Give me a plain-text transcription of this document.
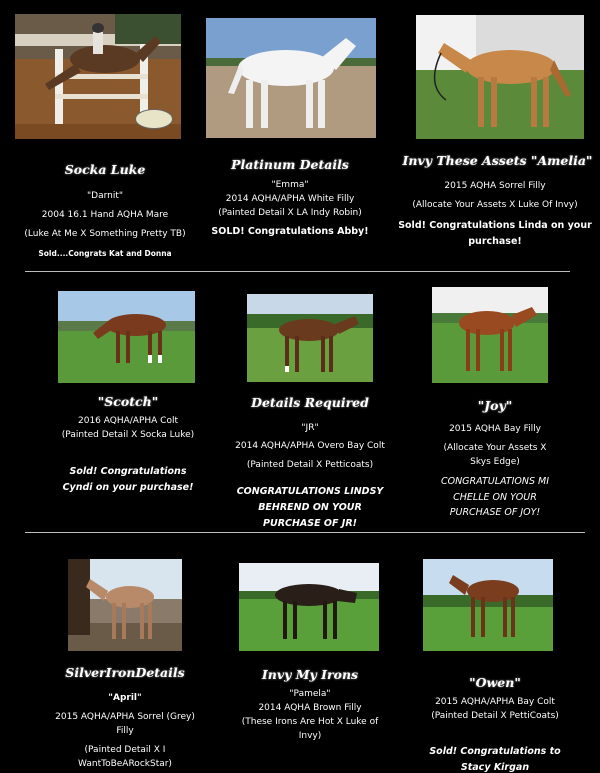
Socka Luke
"Darnit"
2004 16.1 Hand AQHA Mare
(Luke At Me X Something Pretty TB)
Sold....Congrats Kat and Donna
Platinum Details
"Emma"
2014 AQHA/APHA White Filly
(Painted Detail X LA Indy Robin)
SOLD! Congratulations Abby!
Invy These Assets "Amelia"
2015 AQHA Sorrel Filly
(Allocate Your Assets X Luke Of Invy)
Sold! Congratulations Linda on your
purchase!
"Scotch"
2016 AQHA/APHA Colt
(Painted Detail X Socka Luke)
Sold! Congratulations
Cyndi on your purchase!
Details Required
"JR"
2014 AQHA/APHA Overo Bay Colt
(Painted Detail X Petticoats)
CONGRATULATIONS LINDSY
BEHREND ON YOUR
PURCHASE OF JR!
"Joy"
2015 AQHA Bay Filly
(Allocate Your Assets X
Skys Edge)
CONGRATULATIONS MI
CHELLE ON YOUR
PURCHASE OF JOY!
SilverIronDetails
"April"
2015 AQHA/APHA Sorrel (Grey)
Filly
(Painted Detail X I
WantToBeARockStar)
Invy My Irons
"Pamela"
2014 AQHA Brown Filly
(These Irons Are Hot X Luke of
Invy)
"Owen"
2015 AQHA/APHA Bay Colt
(Painted Detail X PettiCoats)
Sold! Congratulations to
Stacy Kirgan
